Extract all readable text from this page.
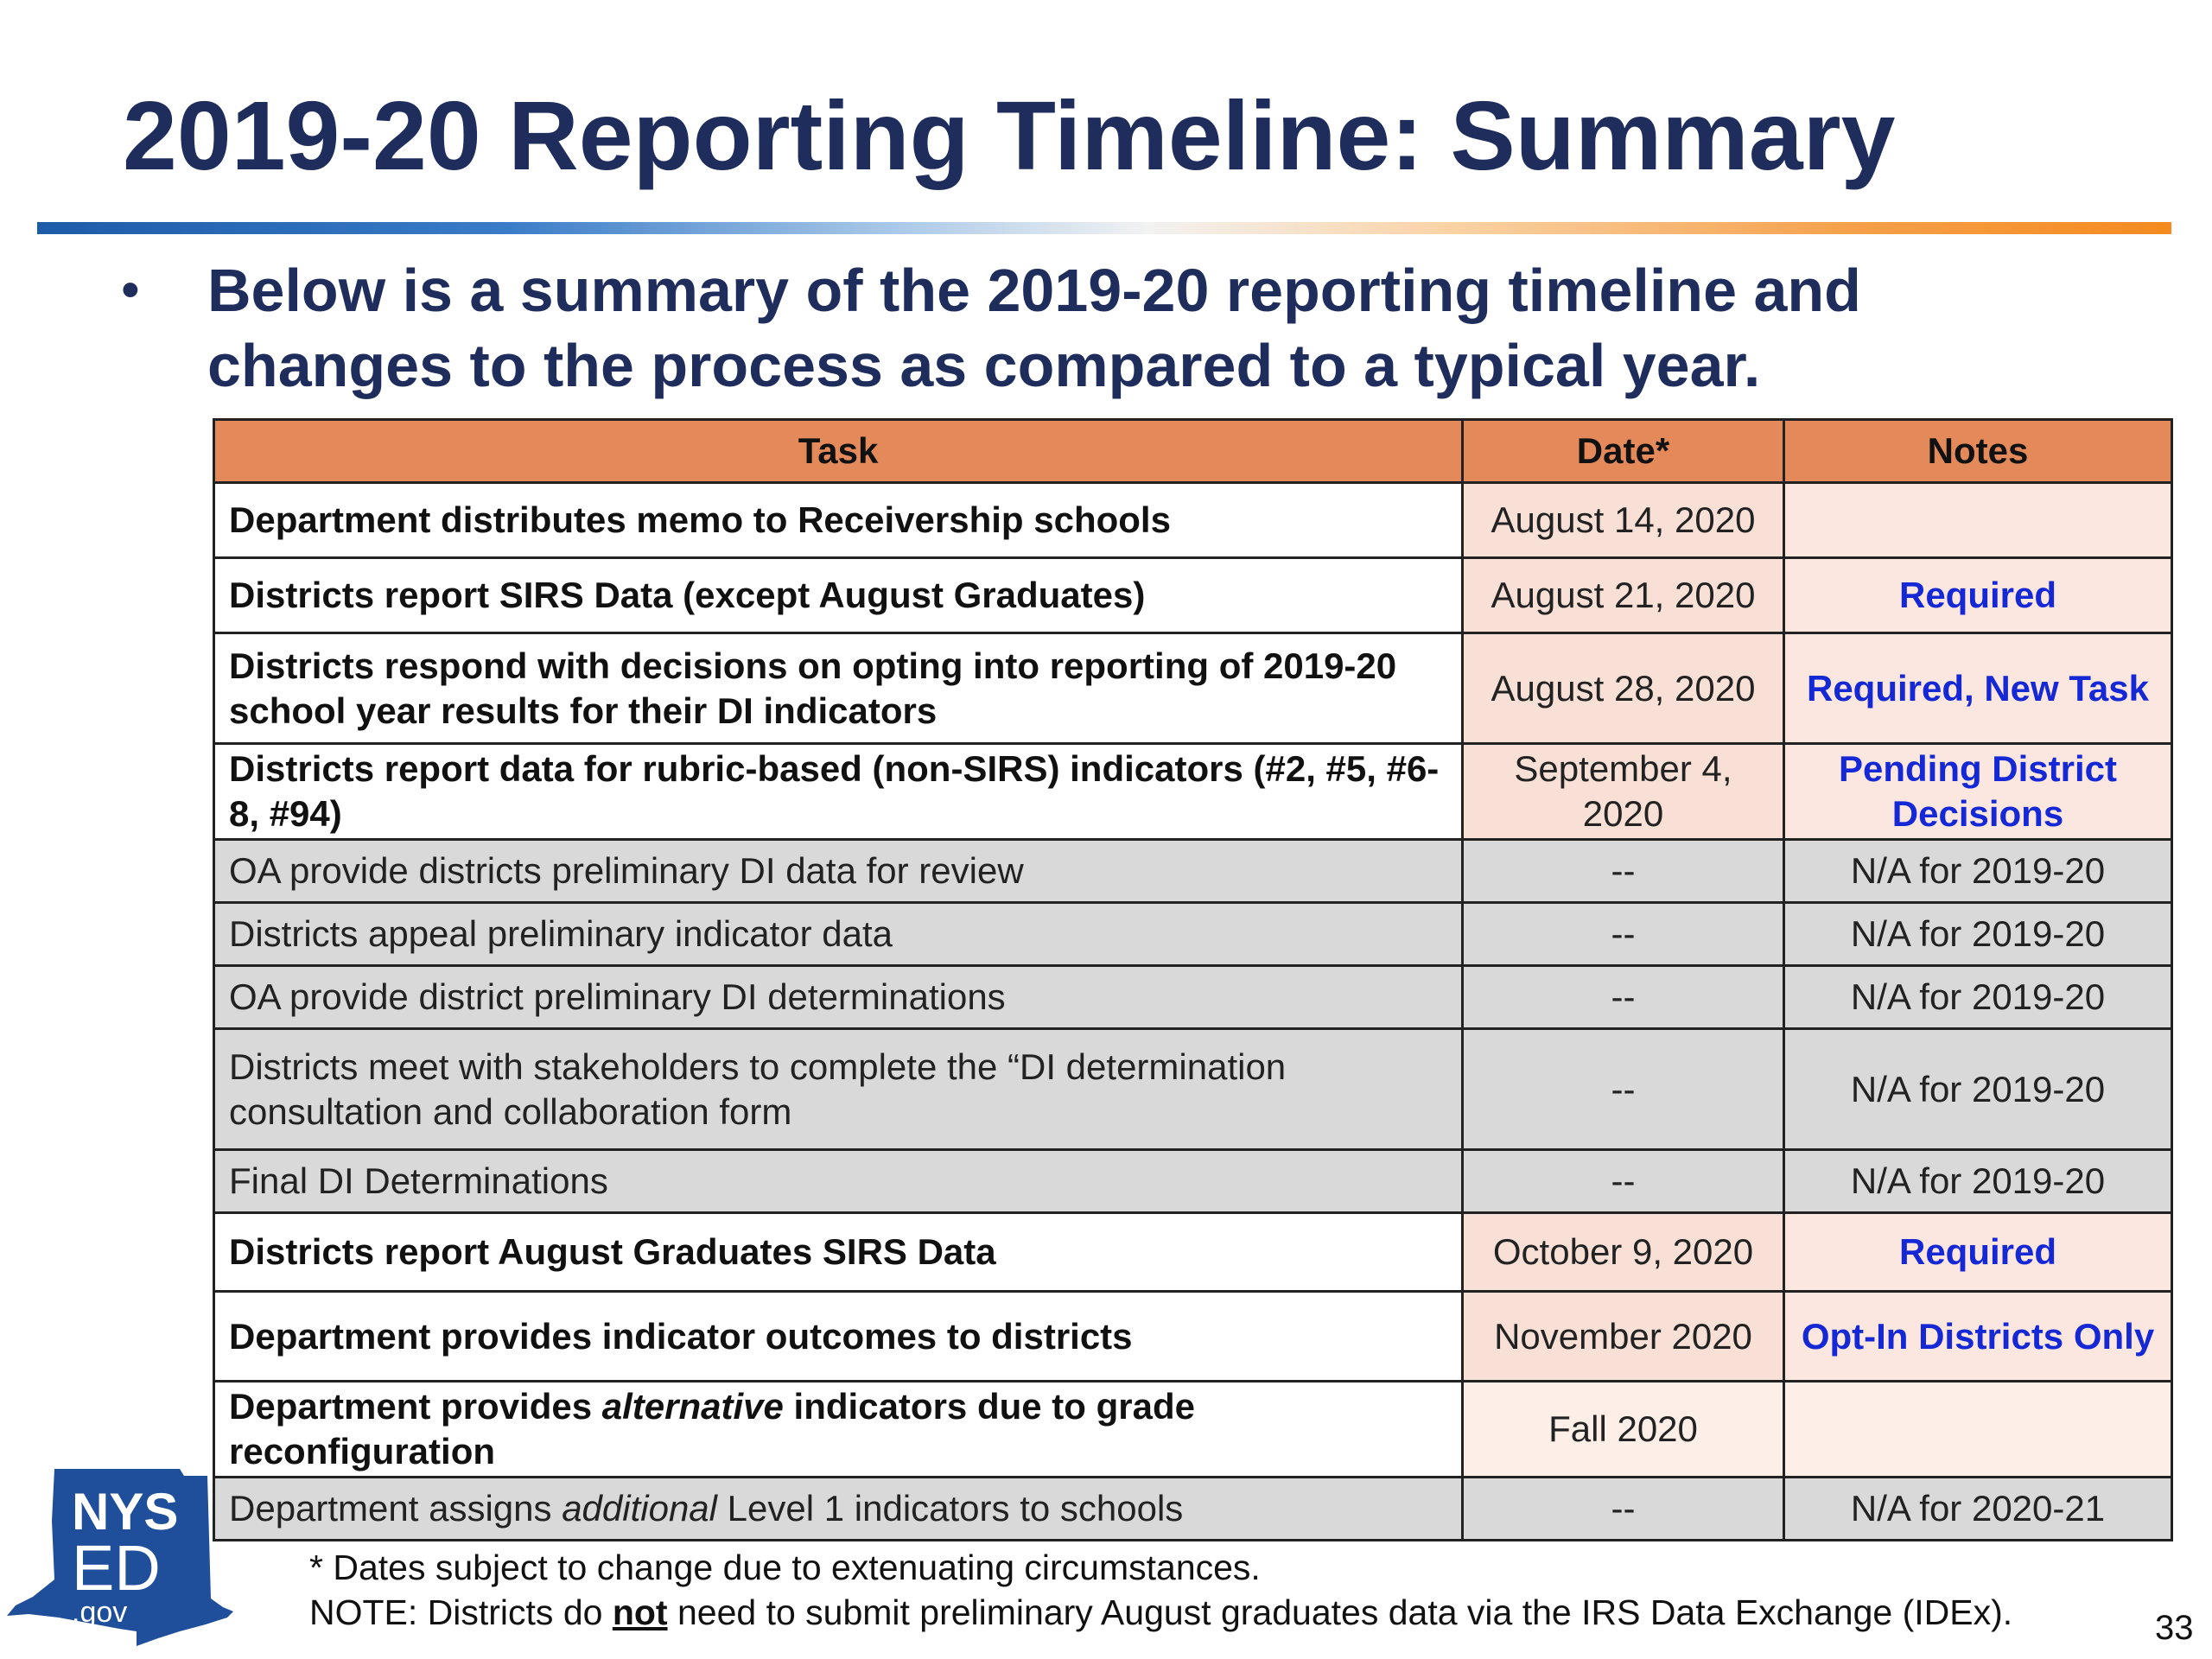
2019-20 Reporting Timeline: Summary
• Below is a summary of the 2019-20 reporting timeline and changes to the process as compared to a typical year.
Task	Date*	Notes
Department distributes memo to Receivership schools	August 14, 2020	
Districts report SIRS Data (except August Graduates)	August 21, 2020	Required
Districts respond with decisions on opting into reporting of 2019-20 school year results for their DI indicators	August 28, 2020	Required, New Task
Districts report data for rubric-based (non-SIRS) indicators (#2, #5, #6-8, #94)	September 4, 2020	Pending District Decisions
OA provide districts preliminary DI data for review	--	N/A for 2019-20
Districts appeal preliminary indicator data	--	N/A for 2019-20
OA provide district preliminary DI determinations	--	N/A for 2019-20
Districts meet with stakeholders to complete the “DI determination consultation and collaboration form	--	N/A for 2019-20
Final DI Determinations	--	N/A for 2019-20
Districts report August Graduates SIRS Data	October 9, 2020	Required
Department provides indicator outcomes to districts	November 2020	Opt-In Districts Only
Department provides alternative indicators due to grade reconfiguration	Fall 2020	
Department assigns additional Level 1 indicators to schools	--	N/A for 2020-21
* Dates subject to change due to extenuating circumstances.
NOTE: Districts do not need to submit preliminary August graduates data via the IRS Data Exchange (IDEx).	33
NYS
ED
.gov
